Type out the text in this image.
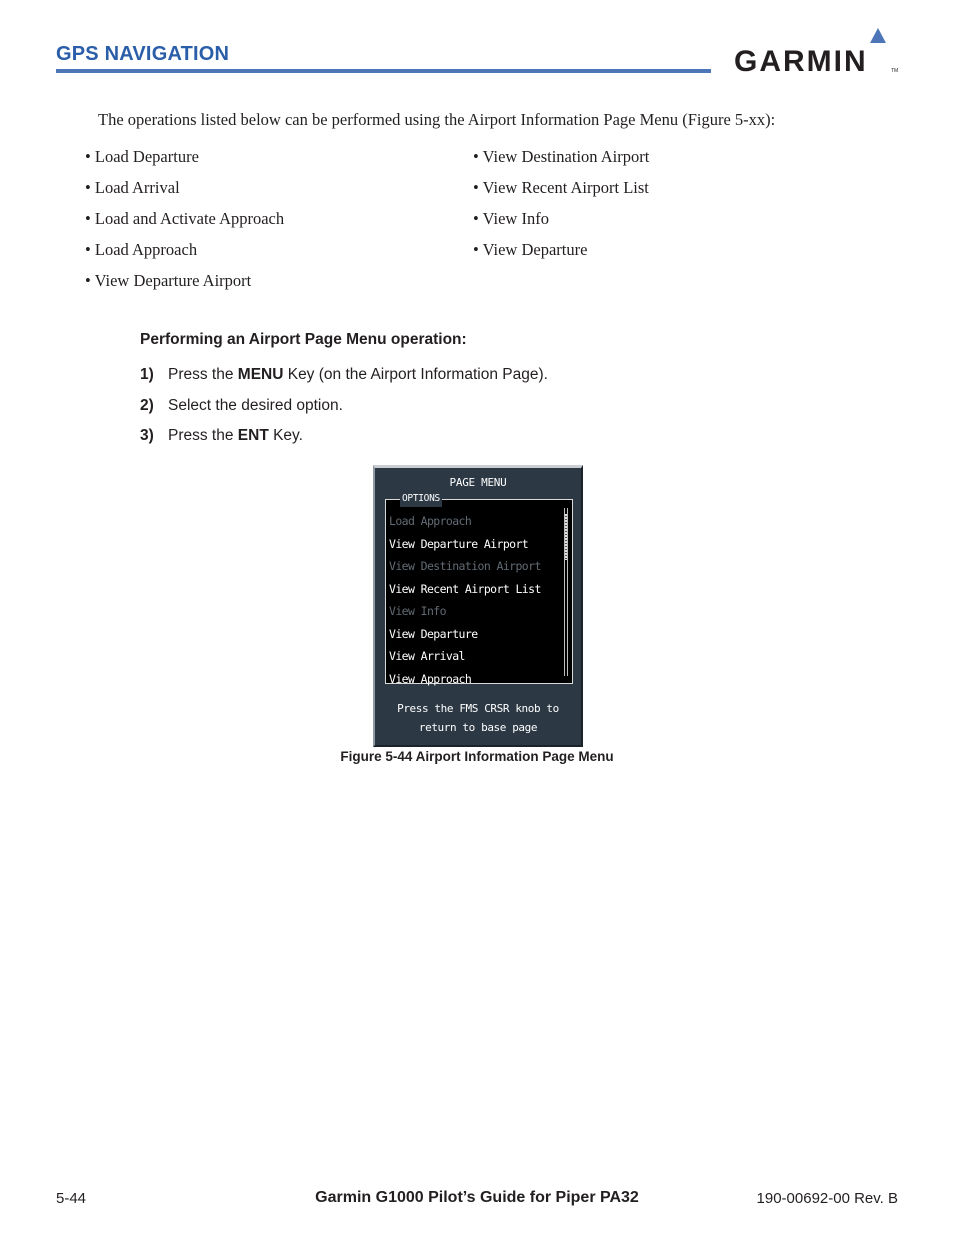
GPS NAVIGATION	GARMIN	TM
The operations listed below can be performed using the Airport Information Page Menu (Figure 5-xx):
• Load Departure
• Load Arrival
• Load and Activate Approach
• Load Approach
• View Departure Airport
• View Destination Airport
• View Recent Airport List
• View Info
• View Departure
Performing an Airport Page Menu operation:
1) Press the MENU Key (on the Airport Information Page).
2) Select the desired option.
3) Press the ENT Key.
PAGE MENU
OPTIONS
Load Approach
View Departure Airport
View Destination Airport
View Recent Airport List
View Info
View Departure
View Arrival
View Approach
Press the FMS CRSR knob to
return to base page
Figure 5-44 Airport Information Page Menu
5-44	Garmin G1000 Pilot’s Guide for Piper PA32	190-00692-00 Rev. B
